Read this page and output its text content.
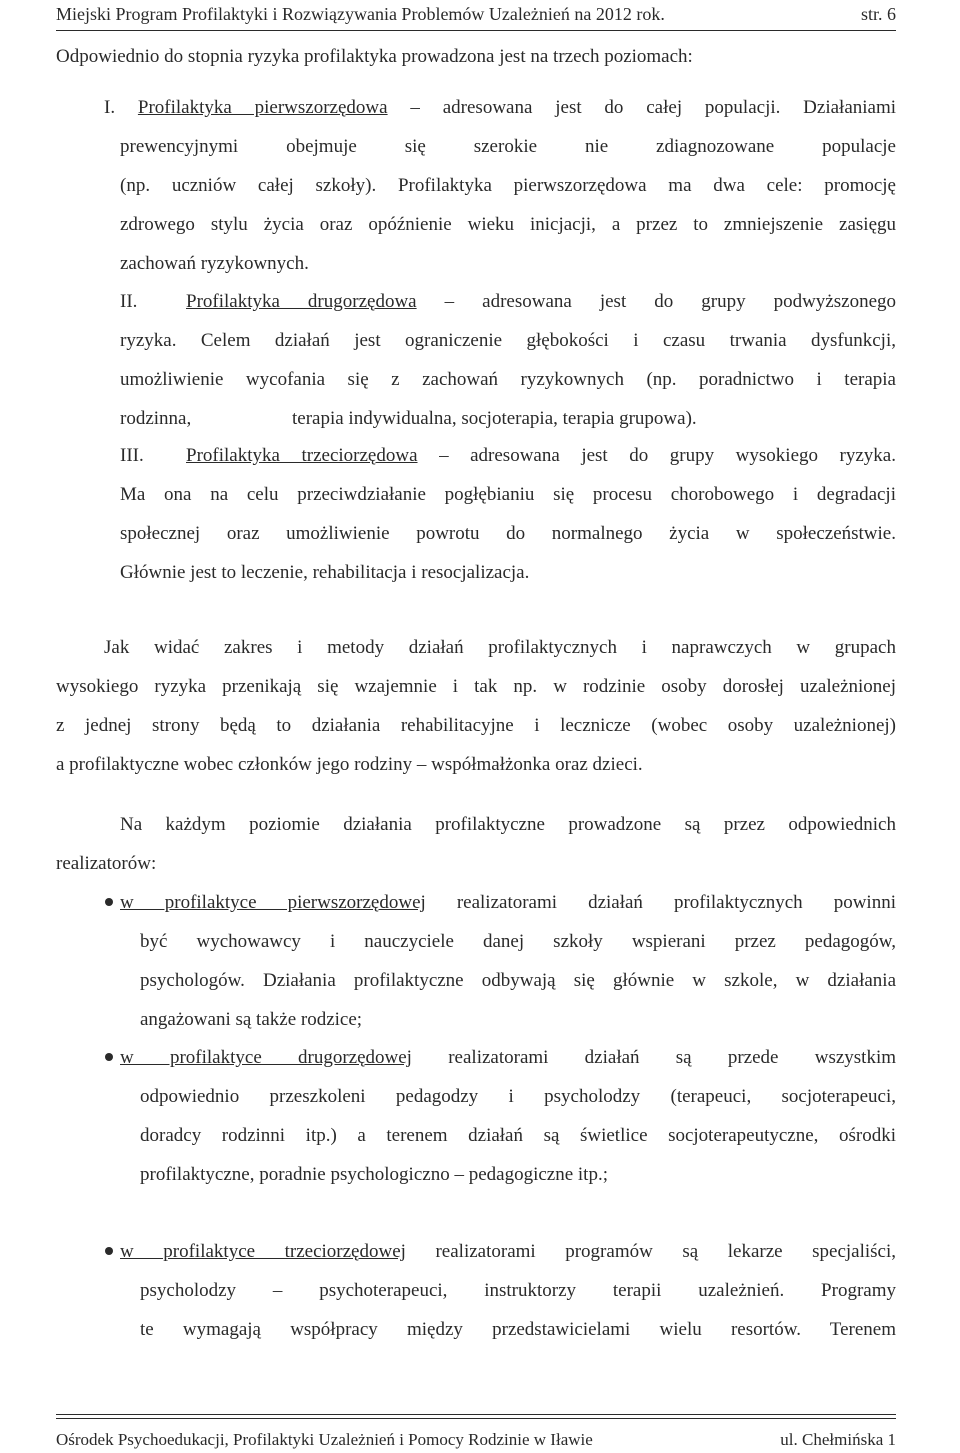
Miejski Program Profilaktyki i Rozwiązywania Problemów Uzależnień na 2012 rok.	str. 6
Odpowiednio do stopnia ryzyka profilaktyka prowadzona jest na trzech poziomach:
I. Profilaktyka pierwszorzędowa – adresowana jest do całej populacji. Działaniami
prewencyjnymi obejmuje się szerokie nie zdiagnozowane populacje
(np. uczniów całej szkoły). Profilaktyka pierwszorzędowa ma dwa cele: promocję
zdrowego stylu życia oraz opóźnienie wieku inicjacji, a przez to zmniejszenie zasięgu
zachowań ryzykownych.
II.	Profilaktyka drugorzędowa – adresowana jest do grupy podwyższonego
ryzyka. Celem działań jest ograniczenie głębokości i czasu trwania dysfunkcji,
umożliwienie wycofania się z zachowań ryzykownych (np. poradnictwo i terapia
rodzinna,	terapia indywidualna, socjoterapia, terapia grupowa).
III. Profilaktyka trzeciorzędowa – adresowana jest do grupy wysokiego ryzyka.
Ma ona na celu przeciwdziałanie pogłębianiu się procesu chorobowego i degradacji
społecznej oraz umożliwienie powrotu do normalnego życia w społeczeństwie.
Głównie jest to leczenie, rehabilitacja i resocjalizacja.
Jak widać zakres i metody działań profilaktycznych i naprawczych w grupach
wysokiego ryzyka przenikają się wzajemnie i tak np. w rodzinie osoby dorosłej uzależnionej
z jednej strony będą to działania rehabilitacyjne i lecznicze (wobec osoby uzależnionej)
a profilaktyczne wobec członków jego rodziny – współmałżonka oraz dzieci.
Na każdym poziomie działania profilaktyczne prowadzone są przez odpowiednich
realizatorów:
w profilaktyce pierwszorzędowej realizatorami działań profilaktycznych powinni
być wychowawcy i nauczyciele danej szkoły wspierani przez pedagogów,
psychologów. Działania profilaktyczne odbywają się głównie w szkole, w działania
angażowani są także rodzice;
w profilaktyce drugorzędowej realizatorami działań są przede wszystkim
odpowiednio przeszkoleni pedagodzy i psycholodzy (terapeuci, socjoterapeuci,
doradcy rodzinni itp.) a terenem działań są świetlice socjoterapeutyczne, ośrodki
profilaktyczne, poradnie psychologiczno – pedagogiczne itp.;
w profilaktyce trzeciorzędowej realizatorami programów są lekarze specjaliści,
psycholodzy – psychoterapeuci, instruktorzy terapii uzależnień. Programy
te wymagają współpracy między przedstawicielami wielu resortów. Terenem
Ośrodek Psychoedukacji, Profilaktyki Uzależnień i Pomocy Rodzinie w Iławie	ul. Chełmińska 1
